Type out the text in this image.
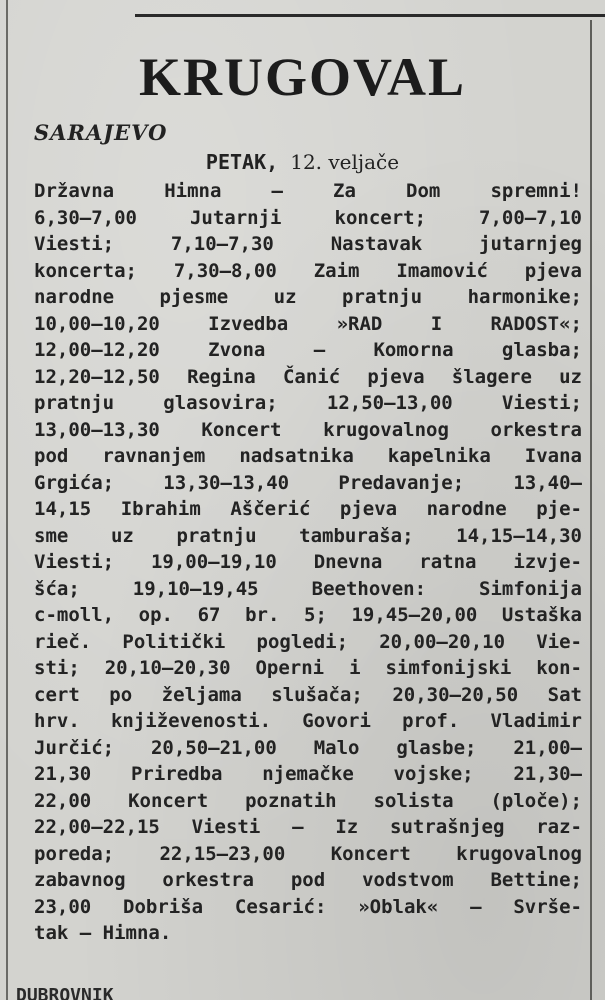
KRUGOVAL
SARAJEVO
PETAK, 12. veljače
Državna Himna — Za Dom spremni!
6,30—7,00 Jutarnji koncert; 7,00—7,10
Viesti; 7,10—7,30 Nastavak jutarnjeg
koncerta; 7,30—8,00 Zaim Imamović pjeva
narodne pjesme uz pratnju harmonike;
10,00—10,20 Izvedba »RAD I RADOST«;
12,00—12,20 Zvona — Komorna glasba;
12,20—12,50 Regina Čanić pjeva šlagere uz
pratnju glasovira; 12,50—13,00 Viesti;
13,00—13,30 Koncert krugovalnog orkestra
pod ravnanjem nadsatnika kapelnika Ivana
Grgića; 13,30—13,40 Predavanje; 13,40—
14,15 Ibrahim Aščerić pjeva narodne pje-
sme uz pratnju tamburaša; 14,15—14,30
Viesti; 19,00—19,10 Dnevna ratna izvje-
šća; 19,10—19,45 Beethoven: Simfonija
c-moll, op. 67 br. 5; 19,45—20,00 Ustaška
rieč. Politički pogledi; 20,00—20,10 Vie-
sti; 20,10—20,30 Operni i simfonijski kon-
cert po željama slušača; 20,30—20,50 Sat
hrv. književenosti. Govori prof. Vladimir
Jurčić; 20,50—21,00 Malo glasbe; 21,00—
21,30 Priredba njemačke vojske; 21,30—
22,00 Koncert poznatih solista (ploče);
22,00—22,15 Viesti — Iz sutrašnjeg raz-
poreda; 22,15—23,00 Koncert krugovalnog
zabavnog orkestra pod vodstvom Bettine;
23,00 Dobriša Cesarić: »Oblak« — Svrše-
tak — Himna.
DUBROVNIK
